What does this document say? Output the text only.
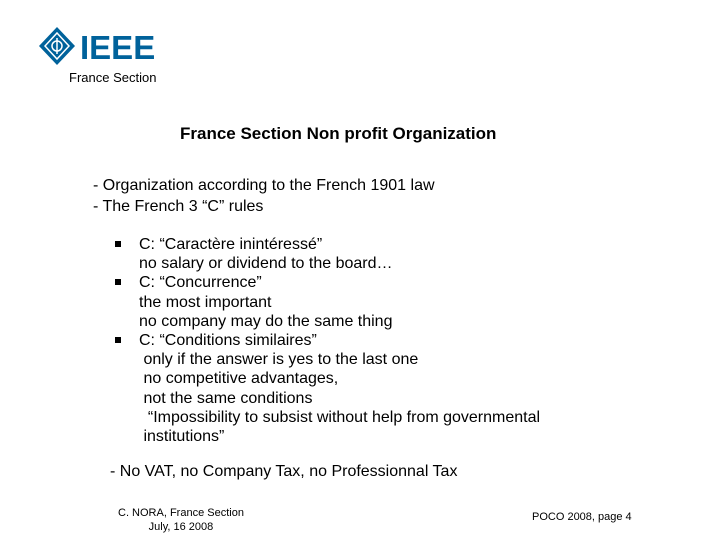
IEEE
France Section
France Section Non profit Organization
- Organization according to the French 1901 law
- The French 3 “C” rules
C: “Caractère inintéressé”
no salary or dividend to the board…
C: “Concurrence”
the most important
no company may do the same thing
C: “Conditions similaires”
only if the answer is yes to the last one
no competitive advantages,
not the same conditions
“Impossibility to subsist without help from governmental
institutions”
- No VAT, no Company Tax, no Professionnal Tax
C. NORA, France Section
July, 16 2008
POCO 2008, page 4
